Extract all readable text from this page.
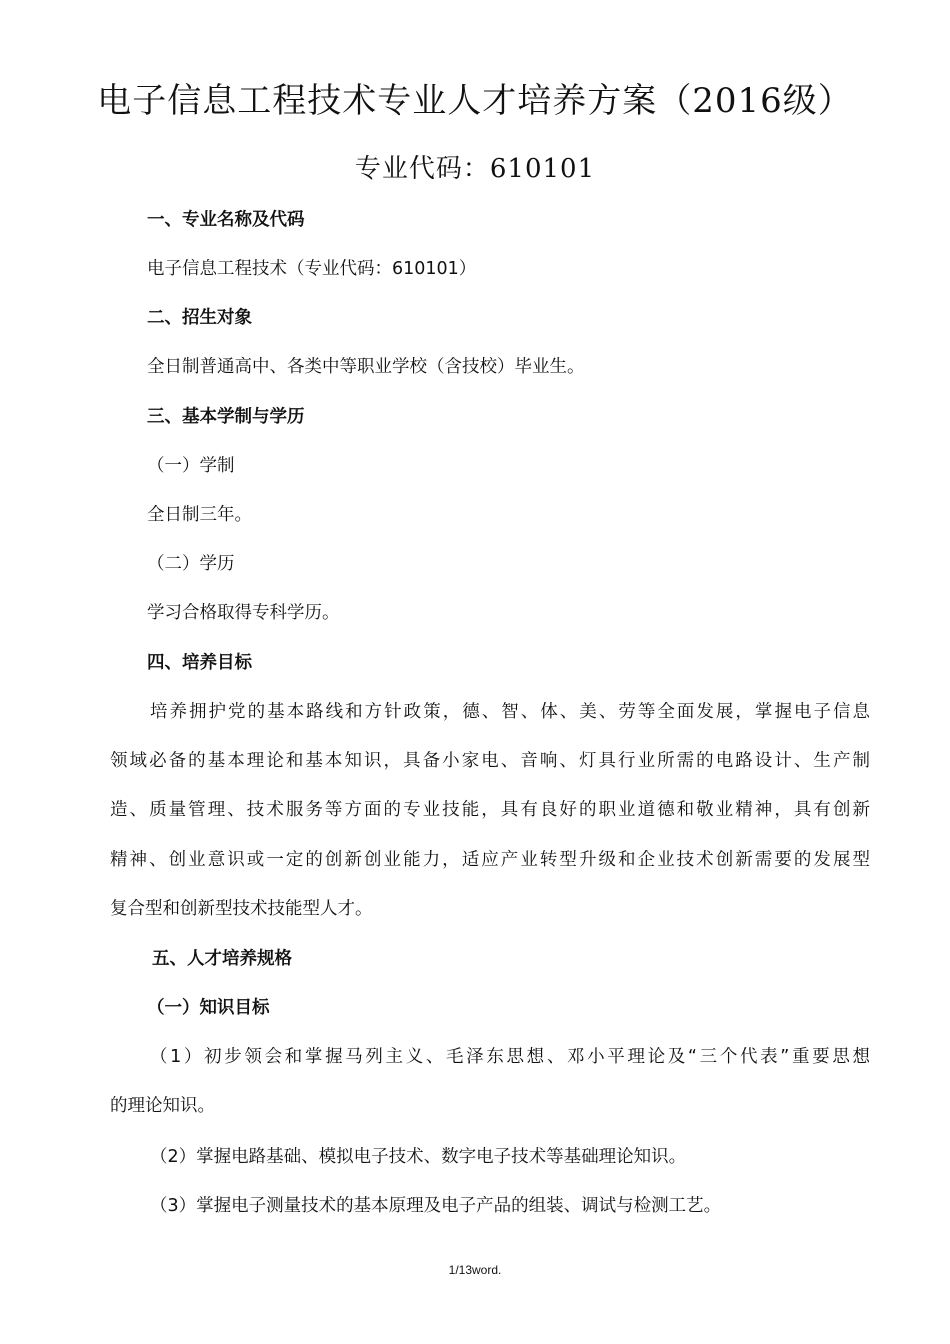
电子信息工程技术专业人才培养方案（2016级）
专业代码：610101
一、专业名称及代码
电子信息工程技术（专业代码：610101）
二、招生对象
全日制普通高中、各类中等职业学校（含技校）毕业生。
三、基本学制与学历
（一）学制
全日制三年。
（二）学历
学习合格取得专科学历。
四、培养目标
培养拥护党的基本路线和方针政策，德、智、体、美、劳等全面发展，掌握电子信息
领域必备的基本理论和基本知识，具备小家电、音响、灯具行业所需的电路设计、生产制
造、质量管理、技术服务等方面的专业技能，具有良好的职业道德和敬业精神，具有创新
精神、创业意识或一定的创新创业能力，适应产业转型升级和企业技术创新需要的发展型
复合型和创新型技术技能型人才。
五、人才培养规格
（一）知识目标
（1）初步领会和掌握马列主义、毛泽东思想、邓小平理论及“三个代表”重要思想
的理论知识。
（2）掌握电路基础、模拟电子技术、数字电子技术等基础理论知识。
（3）掌握电子测量技术的基本原理及电子产品的组装、调试与检测工艺。
1/13word.
